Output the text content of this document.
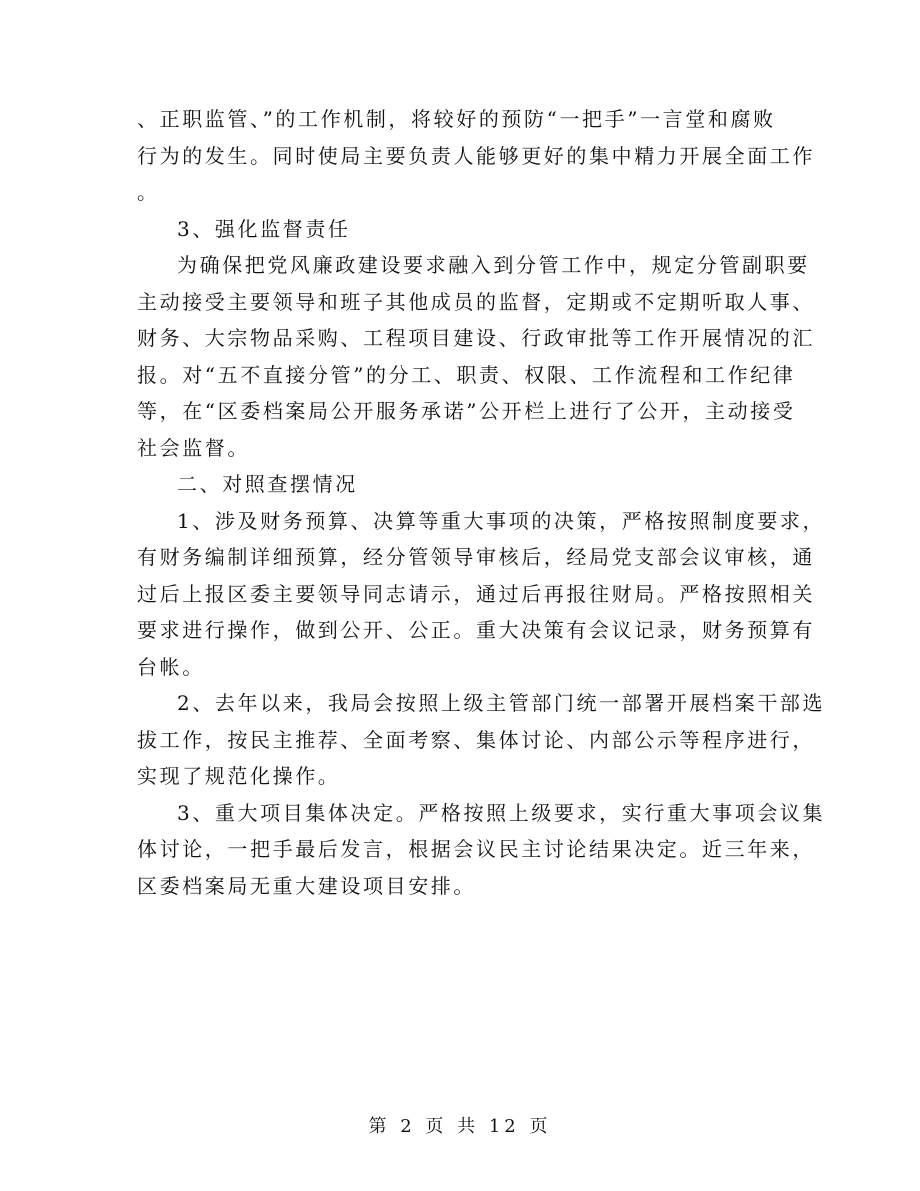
、正职监管、”的工作机制，将较好的预防“一把手”一言堂和腐败
行为的发生。同时使局主要负责人能够更好的集中精力开展全面工作
。
3、强化监督责任
为确保把党风廉政建设要求融入到分管工作中，规定分管副职要
主动接受主要领导和班子其他成员的监督，定期或不定期听取人事、
财务、大宗物品采购、工程项目建设、行政审批等工作开展情况的汇
报。对“五不直接分管”的分工、职责、权限、工作流程和工作纪律
等，在“区委档案局公开服务承诺”公开栏上进行了公开，主动接受
社会监督。
二、对照查摆情况
1、涉及财务预算、决算等重大事项的决策，严格按照制度要求，
有财务编制详细预算，经分管领导审核后，经局党支部会议审核，通
过后上报区委主要领导同志请示，通过后再报往财局。严格按照相关
要求进行操作，做到公开、公正。重大决策有会议记录，财务预算有
台帐。
2、去年以来，我局会按照上级主管部门统一部署开展档案干部选
拔工作，按民主推荐、全面考察、集体讨论、内部公示等程序进行，
实现了规范化操作。
3、重大项目集体决定。严格按照上级要求，实行重大事项会议集
体讨论，一把手最后发言，根据会议民主讨论结果决定。近三年来，
区委档案局无重大建设项目安排。
第 2 页 共 12 页
